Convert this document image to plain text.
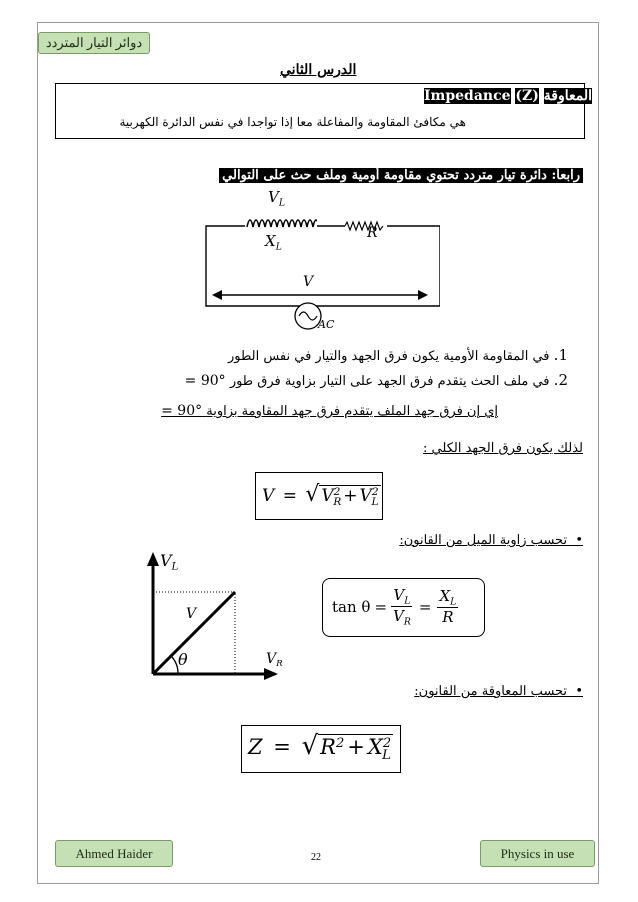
دوائر التيار المتردد
الدرس الثاني
Impedance (Z) المعاوقة
هي مكافئ المقاومة والمفاعلة معا إذا تواجدا في نفس الدائرة الكهربية
رابعاً: دائرة تيار متردد تحتوي مقاومة أومية وملف حث على التوالي
$V_L$
$X_L$
R
V
AC
1. في المقاومة الأومية يكون فرق الجهد والتيار في نفس الطور
2. في ملف الحث يتقدم فرق الجهد على التيار بزاوية فرق طور = 90°
إي إن فرق جهد الملف يتقدم فرق جهد المقاومة بزاوية = 90°
لذلك يكون فرق الجهد الكلي :
V = √ $V^2_R + V^2_L$
•  تحسب زاوية الميل من القانون:
$V_L$
$V_R$
V
θ
$\tan \theta = \frac{V_L}{V_R} = \frac{X_L}{R}$
•  تحسب المعاوقة من القانون:
$Z = √R^2 + X^2_L$
Ahmed Haider	22	Physics in use
